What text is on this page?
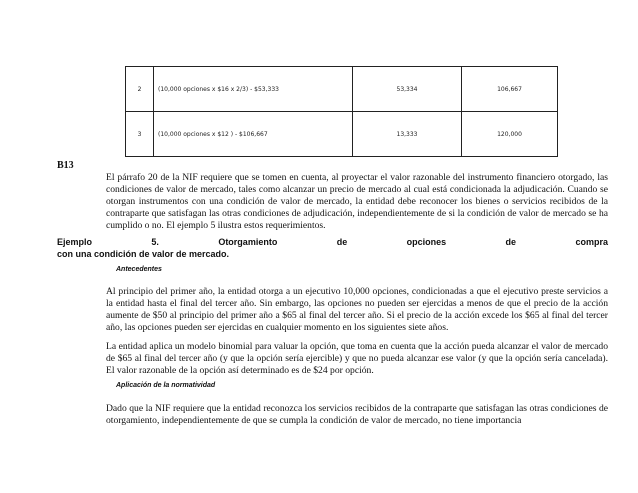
2	(10,000 opciones x $16 x 2/3) - $53,333	53,334	106,667
3	(10,000 opciones x $12 ) - $106,667	13,333	120,000
B13

El párrafo 20 de la NIF requiere que se tomen en cuenta, al proyectar el valor razonable del instrumento financiero otorgado, las condiciones de valor de mercado, tales como alcanzar un precio de mercado al cual está condicionada la adjudicación. Cuando se otorgan instrumentos con una condición de valor de mercado, la entidad debe reconocer los bienes o servicios recibidos de la contraparte que satisfagan las otras condiciones de adjudicación, independientemente de si la condición de valor de mercado se ha cumplido o no. El ejemplo 5 ilustra estos requerimientos.

Ejemplo	5.	Otorgamiento	de	opciones	de	compra
con una condición de valor de mercado.
Antecedentes

Al principio del primer año, la entidad otorga a un ejecutivo 10,000 opciones, condicionadas a que el ejecutivo preste servicios a la entidad hasta el final del tercer año. Sin embargo, las opciones no pueden ser ejercidas a menos de que el precio de la acción aumente de $50 al principio del primer año a $65 al final del tercer año. Si el precio de la acción excede los $65 al final del tercer año, las opciones pueden ser ejercidas en cualquier momento en los siguientes siete años.

La entidad aplica un modelo binomial para valuar la opción, que toma en cuenta que la acción pueda alcanzar el valor de mercado de $65 al final del tercer año (y que la opción sería ejercible) y que no pueda alcanzar ese valor (y que la opción sería cancelada). El valor razonable de la opción así determinado es de $24 por opción.

Aplicación de la normatividad

Dado que la NIF requiere que la entidad reconozca los servicios recibidos de la contraparte que satisfagan las otras condiciones de otorgamiento, independientemente de que se cumpla la condición de valor de mercado, no tiene importancia
